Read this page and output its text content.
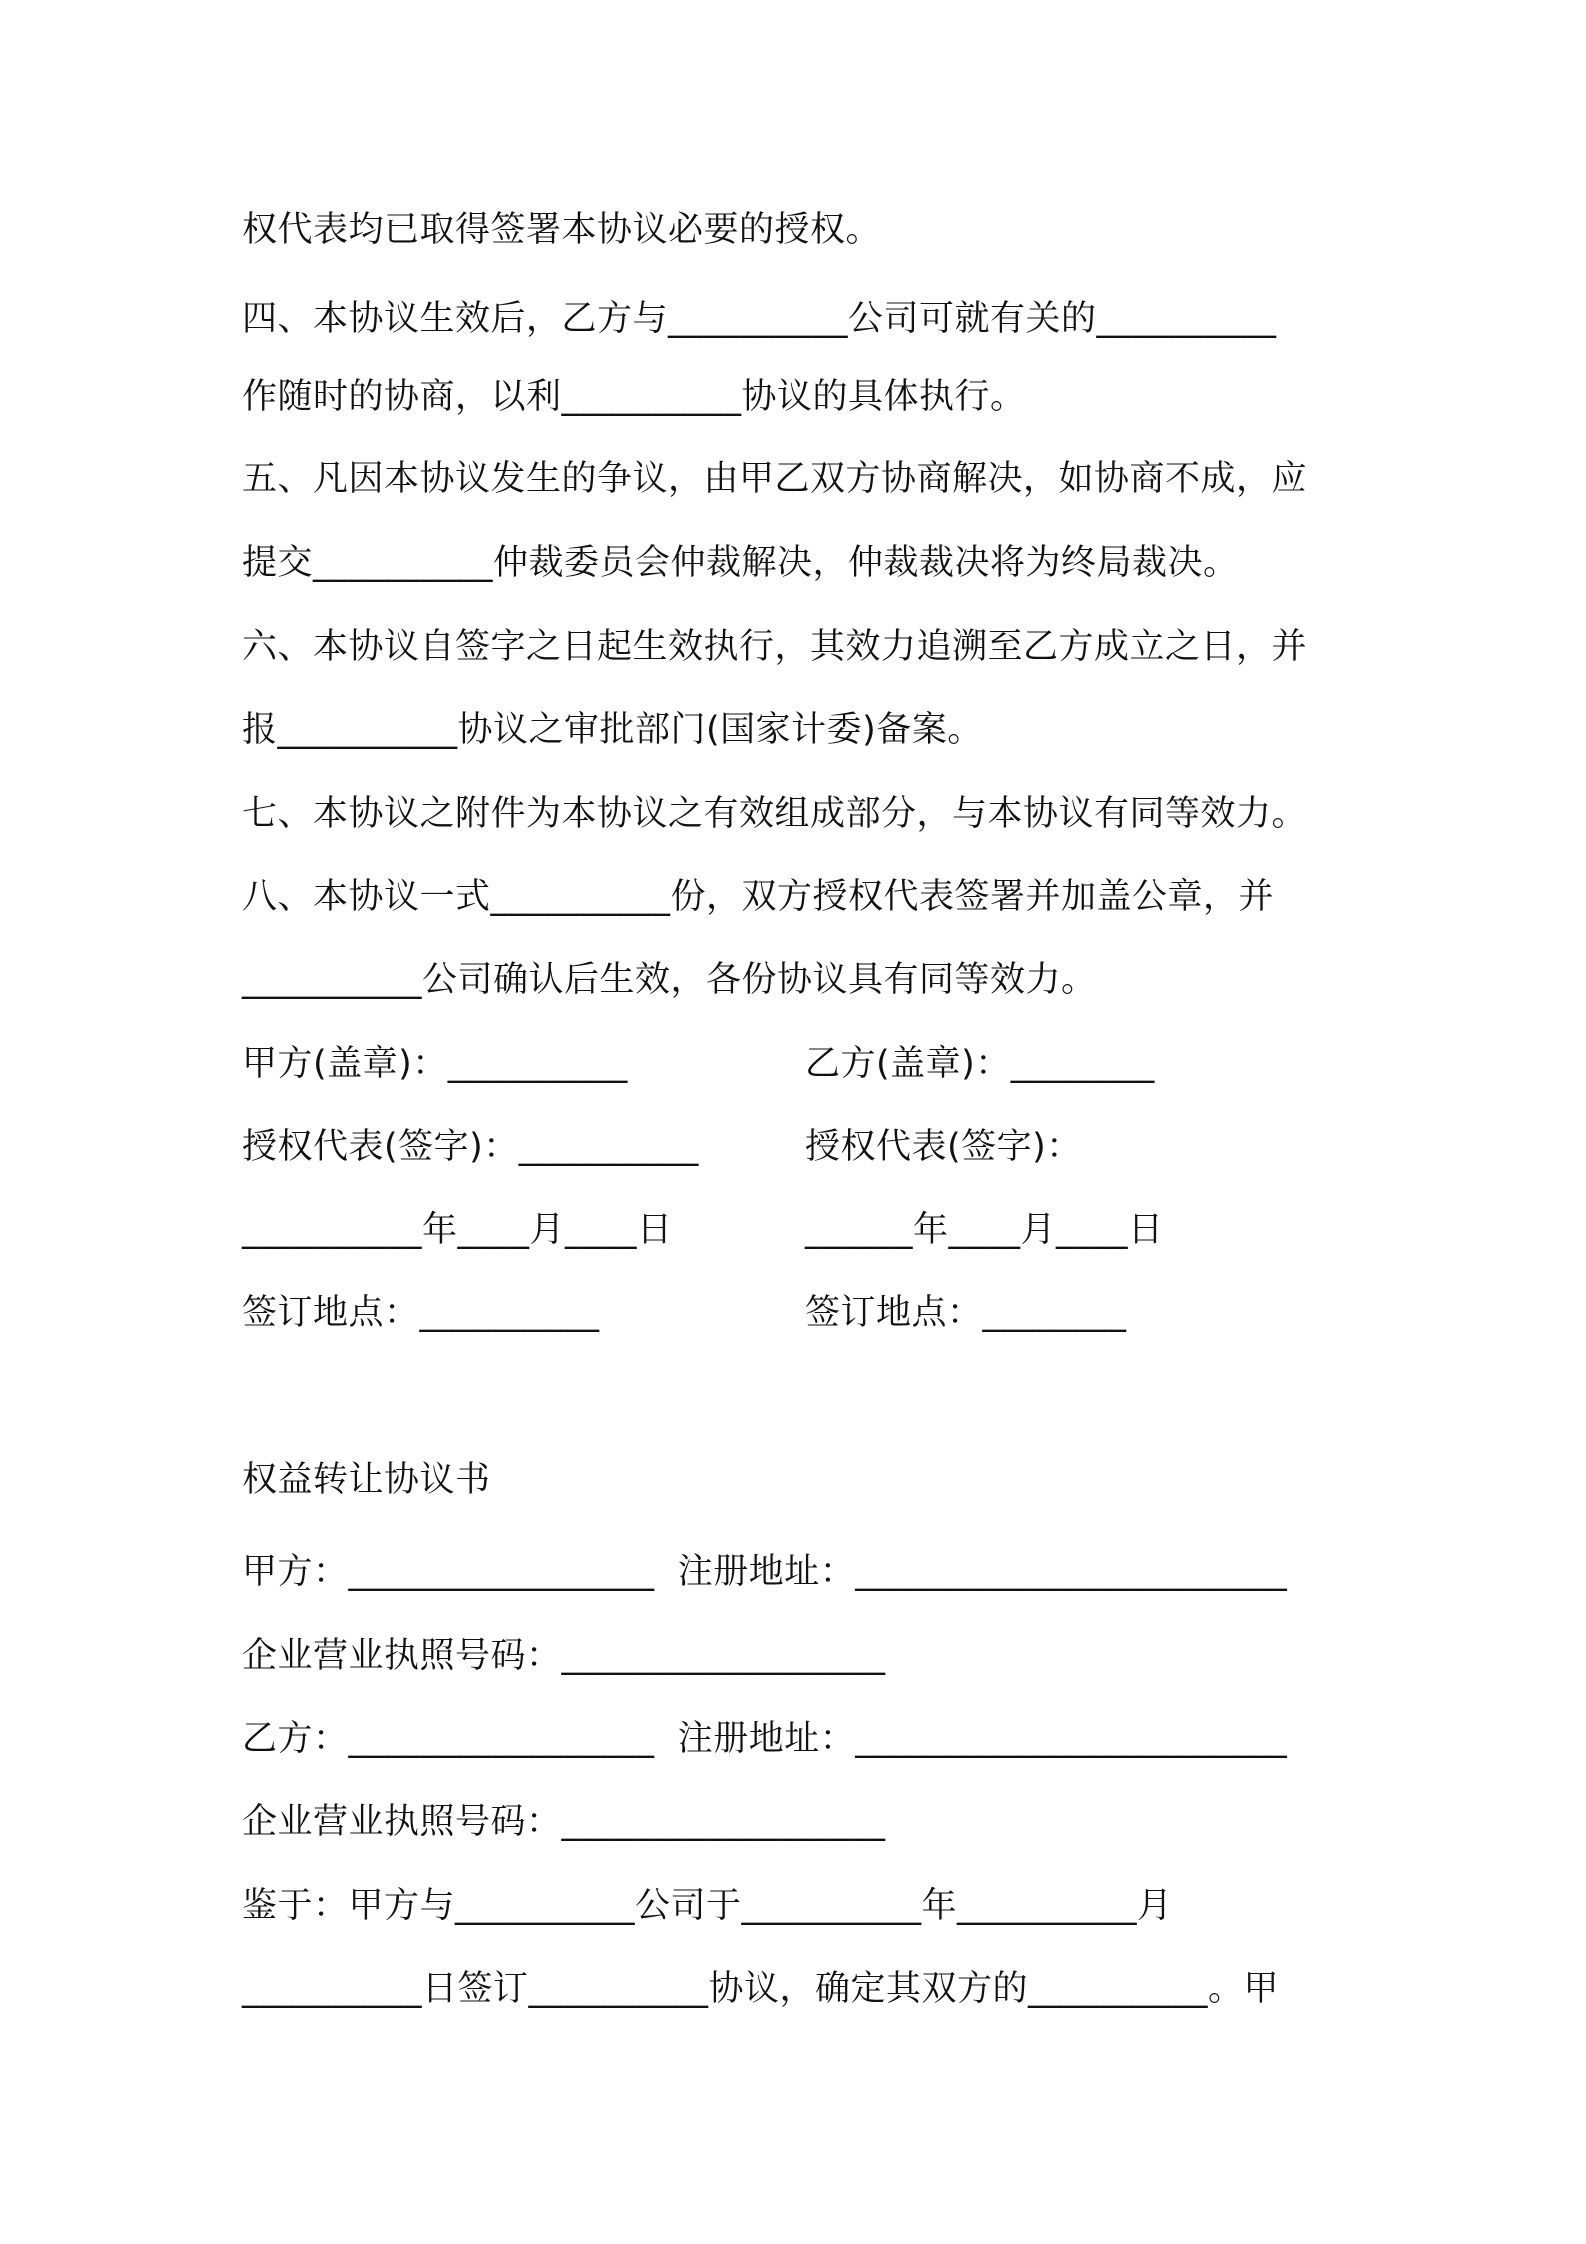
权代表均已取得签署本协议必要的授权。
四、本协议生效后，乙方与__________公司可就有关的__________
作随时的协商，以利__________协议的具体执行。
五、凡因本协议发生的争议，由甲乙双方协商解决，如协商不成，应
提交__________仲裁委员会仲裁解决，仲裁裁决将为终局裁决。
六、本协议自签字之日起生效执行，其效力追溯至乙方成立之日，并
报__________协议之审批部门(国家计委)备案。
七、本协议之附件为本协议之有效组成部分，与本协议有同等效力。
八、本协议一式__________份，双方授权代表签署并加盖公章，并
__________公司确认后生效，各份协议具有同等效力。
甲方(盖章)：__________	乙方(盖章)：________
授权代表(签字)：__________	授权代表(签字)：
__________年____月____日	______年____月____日
签订地点：__________	签订地点：________
权益转让协议书
甲方：_________________  注册地址：________________________
企业营业执照号码：__________________
乙方：_________________  注册地址：________________________
企业营业执照号码：__________________
鉴于：甲方与__________公司于__________年__________月
__________日签订__________协议，确定其双方的__________。甲
